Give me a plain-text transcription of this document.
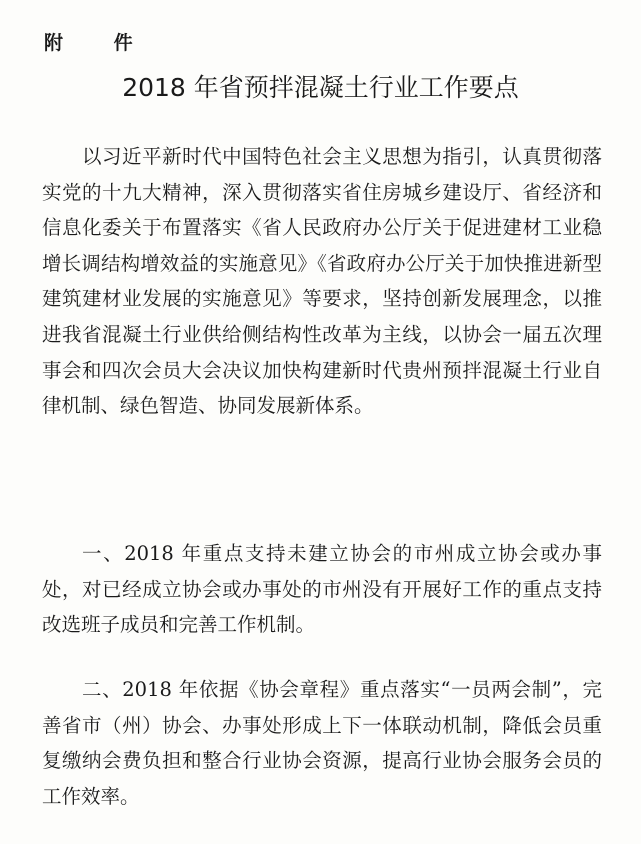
附 件
2018 年省预拌混凝土行业工作要点

以习近平新时代中国特色社会主义思想为指引，认真贯彻落实党的十九大精神，深入贯彻落实省住房城乡建设厅、省经济和信息化委关于布置落实《省人民政府办公厅关于促进建材工业稳增长调结构增效益的实施意见》《省政府办公厅关于加快推进新型建筑建材业发展的实施意见》等要求，坚持创新发展理念，以推进我省混凝土行业供给侧结构性改革为主线，以协会一届五次理事会和四次会员大会决议加快构建新时代贵州预拌混凝土行业自律机制、绿色智造、协同发展新体系。

一、2018 年重点支持未建立协会的市州成立协会或办事处，对已经成立协会或办事处的市州没有开展好工作的重点支持改选班子成员和完善工作机制。

二、2018 年依据《协会章程》重点落实“一员两会制”，完善省市（州）协会、办事处形成上下一体联动机制，降低会员重复缴纳会费负担和整合行业协会资源，提高行业协会服务会员的工作效率。
